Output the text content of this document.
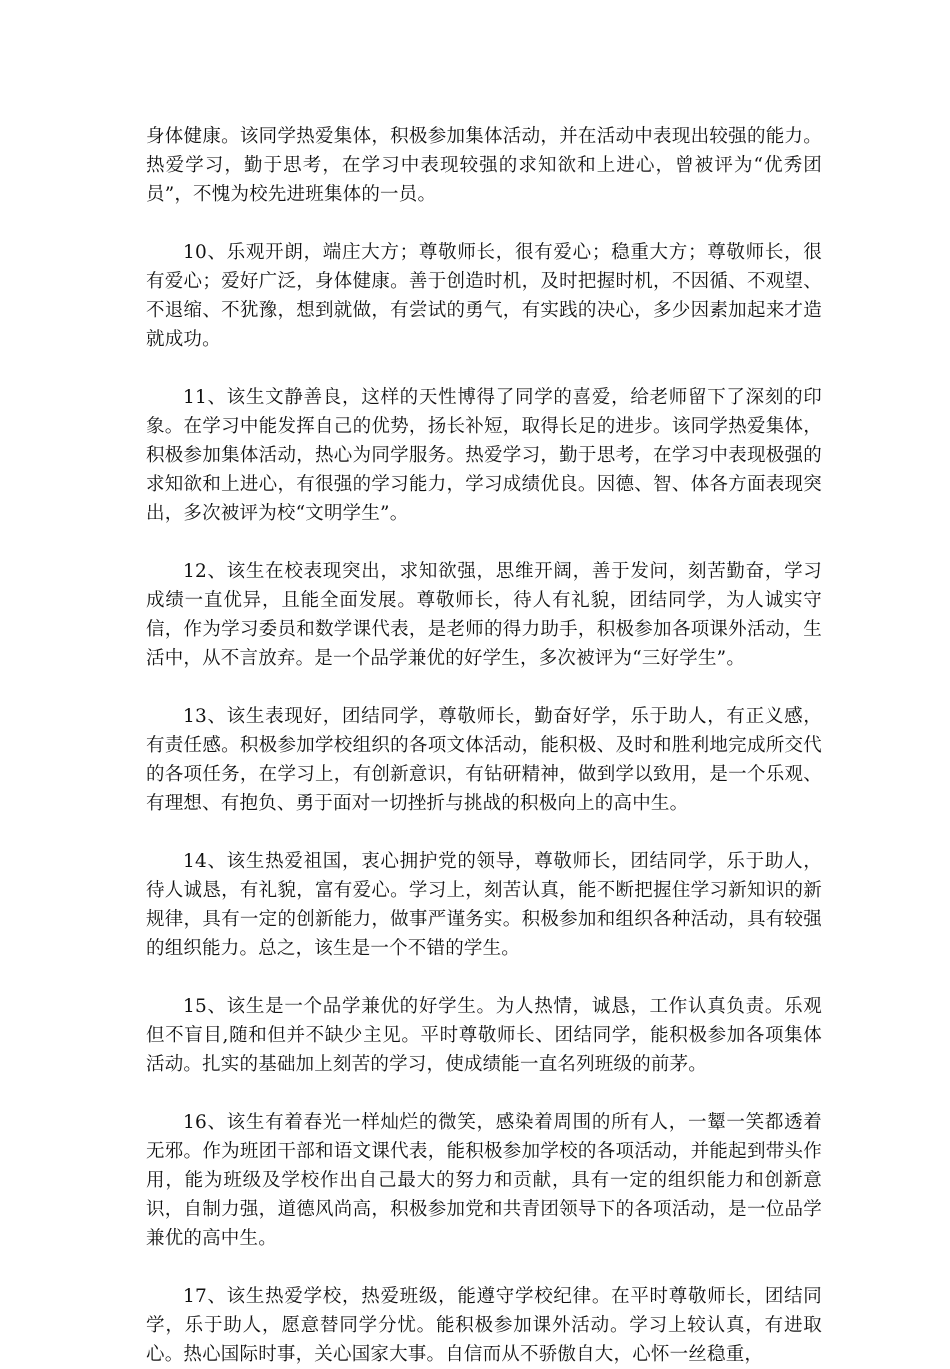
身体健康。该同学热爱集体，积极参加集体活动，并在活动中表现出较强的能力。热爱学习，勤于思考，在学习中表现较强的求知欲和上进心，曾被评为“优秀团员”，不愧为校先进班集体的一员。

10、乐观开朗，端庄大方；尊敬师长，很有爱心；稳重大方；尊敬师长，很有爱心；爱好广泛，身体健康。善于创造时机，及时把握时机，不因循、不观望、不退缩、不犹豫，想到就做，有尝试的勇气，有实践的决心，多少因素加起来才造就成功。

11、该生文静善良，这样的天性博得了同学的喜爱，给老师留下了深刻的印象。在学习中能发挥自己的优势，扬长补短，取得长足的进步。该同学热爱集体，积极参加集体活动，热心为同学服务。热爱学习，勤于思考，在学习中表现极强的求知欲和上进心，有很强的学习能力，学习成绩优良。因德、智、体各方面表现突出，多次被评为校“文明学生”。

12、该生在校表现突出，求知欲强，思维开阔，善于发问，刻苦勤奋，学习成绩一直优异，且能全面发展。尊敬师长，待人有礼貌，团结同学，为人诚实守信，作为学习委员和数学课代表，是老师的得力助手，积极参加各项课外活动，生活中，从不言放弃。是一个品学兼优的好学生，多次被评为“三好学生”。

13、该生表现好，团结同学，尊敬师长，勤奋好学，乐于助人，有正义感，有责任感。积极参加学校组织的各项文体活动，能积极、及时和胜利地完成所交代的各项任务，在学习上，有创新意识，有钻研精神，做到学以致用，是一个乐观、有理想、有抱负、勇于面对一切挫折与挑战的积极向上的高中生。

14、该生热爱祖国，衷心拥护党的领导，尊敬师长，团结同学，乐于助人，待人诚恳，有礼貌，富有爱心。学习上，刻苦认真，能不断把握住学习新知识的新规律，具有一定的创新能力，做事严谨务实。积极参加和组织各种活动，具有较强的组织能力。总之，该生是一个不错的学生。

15、该生是一个品学兼优的好学生。为人热情，诚恳，工作认真负责。乐观但不盲目,随和但并不缺少主见。平时尊敬师长、团结同学，能积极参加各项集体活动。扎实的基础加上刻苦的学习，使成绩能一直名列班级的前茅。

16、该生有着春光一样灿烂的微笑，感染着周围的所有人，一颦一笑都透着无邪。作为班团干部和语文课代表，能积极参加学校的各项活动，并能起到带头作用，能为班级及学校作出自己最大的努力和贡献，具有一定的组织能力和创新意识，自制力强，道德风尚高，积极参加党和共青团领导下的各项活动，是一位品学兼优的高中生。

17、该生热爱学校，热爱班级，能遵守学校纪律。在平时尊敬师长，团结同学，乐于助人，愿意替同学分忧。能积极参加课外活动。学习上较认真，有进取心。热心国际时事，关心国家大事。自信而从不骄傲自大，心怀一丝稳重，
